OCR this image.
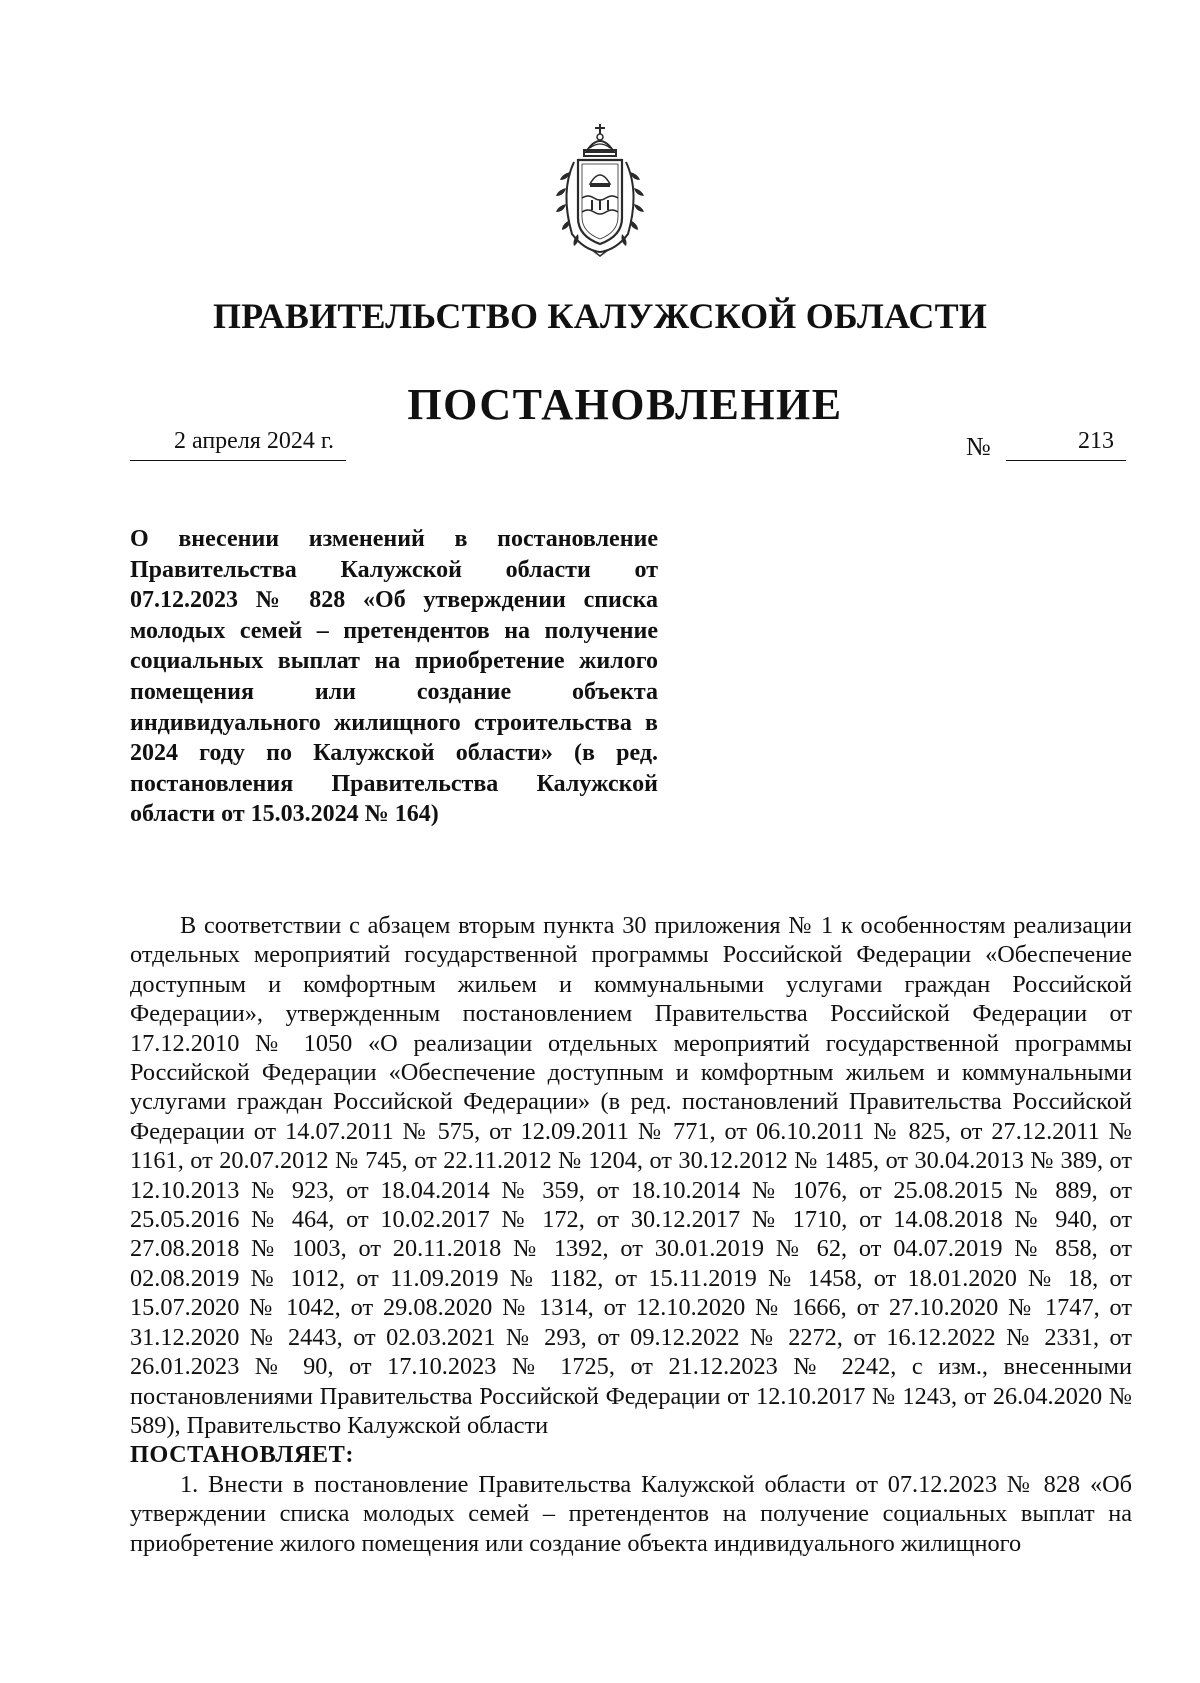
ПРАВИТЕЛЬСТВО КАЛУЖСКОЙ ОБЛАСТИ
ПОСТАНОВЛЕНИЕ
2 апреля 2024 г.	№	213

О внесении изменений в постановление Правительства Калужской области от 07.12.2023 № 828 «Об утверждении списка молодых семей – претендентов на получение социальных выплат на приобретение жилого помещения или создание объекта индивидуального жилищного строительства в 2024 году по Калужской области» (в ред. постановления Правительства Калужской области от 15.03.2024 № 164)

В соответствии с абзацем вторым пункта 30 приложения № 1 к особенностям реализации отдельных мероприятий государственной программы Российской Федерации «Обеспечение доступным и комфортным жильем и коммунальными услугами граждан Российской Федерации», утвержденным постановлением Правительства Российской Федерации от 17.12.2010 № 1050 «О реализации отдельных мероприятий государственной программы Российской Федерации «Обеспечение доступным и комфортным жильем и коммунальными услугами граждан Российской Федерации» (в ред. постановлений Правительства Российской Федерации от 14.07.2011 № 575, от 12.09.2011 № 771, от 06.10.2011 № 825, от 27.12.2011 № 1161, от 20.07.2012 № 745, от 22.11.2012 № 1204, от 30.12.2012 № 1485, от 30.04.2013 № 389, от 12.10.2013 № 923, от 18.04.2014 № 359, от 18.10.2014 № 1076, от 25.08.2015 № 889, от 25.05.2016 № 464, от 10.02.2017 № 172, от 30.12.2017 № 1710, от 14.08.2018 № 940, от 27.08.2018 № 1003, от 20.11.2018 № 1392, от 30.01.2019 № 62, от 04.07.2019 № 858, от 02.08.2019 № 1012, от 11.09.2019 № 1182, от 15.11.2019 № 1458, от 18.01.2020 № 18, от 15.07.2020 № 1042, от 29.08.2020 № 1314, от 12.10.2020 № 1666, от 27.10.2020 № 1747, от 31.12.2020 № 2443, от 02.03.2021 № 293, от 09.12.2022 № 2272, от 16.12.2022 № 2331, от 26.01.2023 № 90, от 17.10.2023 № 1725, от 21.12.2023 № 2242, с изм., внесенными постановлениями Правительства Российской Федерации от 12.10.2017 № 1243, от 26.04.2020 № 589), Правительство Калужской области

ПОСТАНОВЛЯЕТ:

1. Внести в постановление Правительства Калужской области от 07.12.2023 № 828 «Об утверждении списка молодых семей – претендентов на получение социальных выплат на приобретение жилого помещения или создание объекта индивидуального жилищного
